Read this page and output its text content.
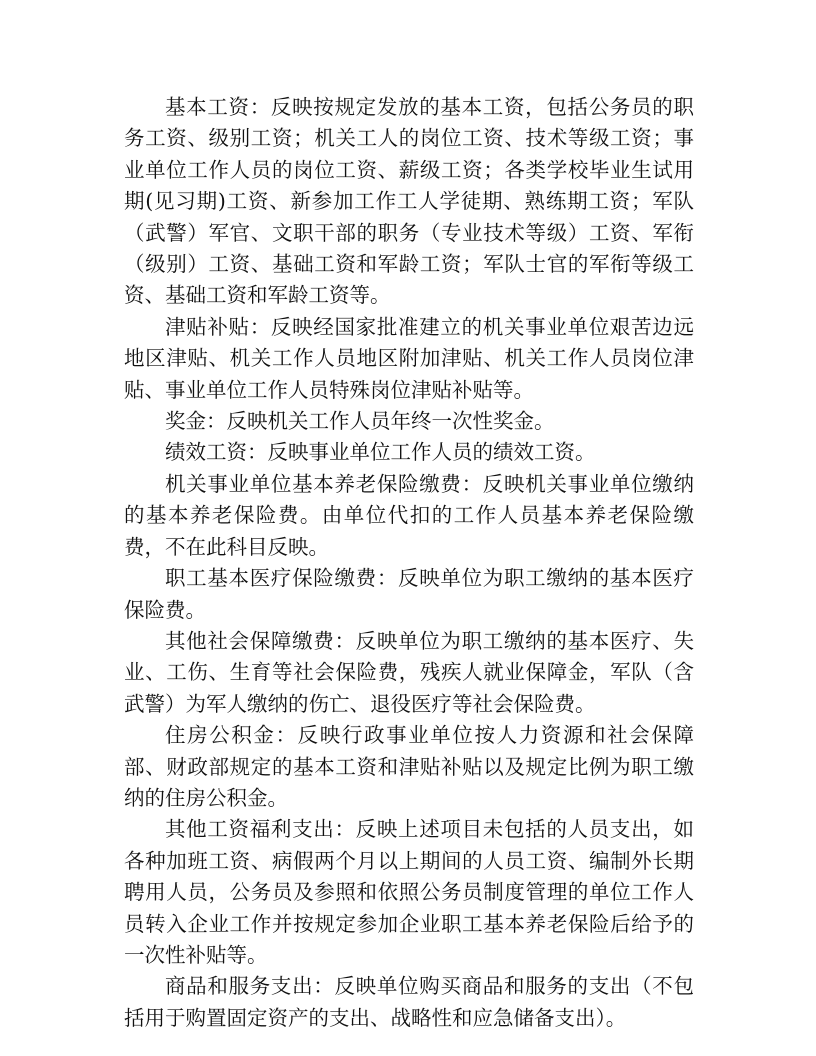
基本工资：反映按规定发放的基本工资，包括公务员的职务工资、级别工资；机关工人的岗位工资、技术等级工资；事业单位工作人员的岗位工资、薪级工资；各类学校毕业生试用期(见习期)工资、新参加工作工人学徒期、熟练期工资；军队（武警）军官、文职干部的职务（专业技术等级）工资、军衔（级别）工资、基础工资和军龄工资；军队士官的军衔等级工资、基础工资和军龄工资等。

津贴补贴：反映经国家批准建立的机关事业单位艰苦边远地区津贴、机关工作人员地区附加津贴、机关工作人员岗位津贴、事业单位工作人员特殊岗位津贴补贴等。

奖金：反映机关工作人员年终一次性奖金。

绩效工资：反映事业单位工作人员的绩效工资。

机关事业单位基本养老保险缴费：反映机关事业单位缴纳的基本养老保险费。由单位代扣的工作人员基本养老保险缴费，不在此科目反映。

职工基本医疗保险缴费：反映单位为职工缴纳的基本医疗保险费。

其他社会保障缴费：反映单位为职工缴纳的基本医疗、失业、工伤、生育等社会保险费，残疾人就业保障金，军队（含武警）为军人缴纳的伤亡、退役医疗等社会保险费。

住房公积金：反映行政事业单位按人力资源和社会保障部、财政部规定的基本工资和津贴补贴以及规定比例为职工缴纳的住房公积金。

其他工资福利支出：反映上述项目未包括的人员支出，如各种加班工资、病假两个月以上期间的人员工资、编制外长期聘用人员，公务员及参照和依照公务员制度管理的单位工作人员转入企业工作并按规定参加企业职工基本养老保险后给予的一次性补贴等。

商品和服务支出：反映单位购买商品和服务的支出（不包括用于购置固定资产的支出、战略性和应急储备支出）。
